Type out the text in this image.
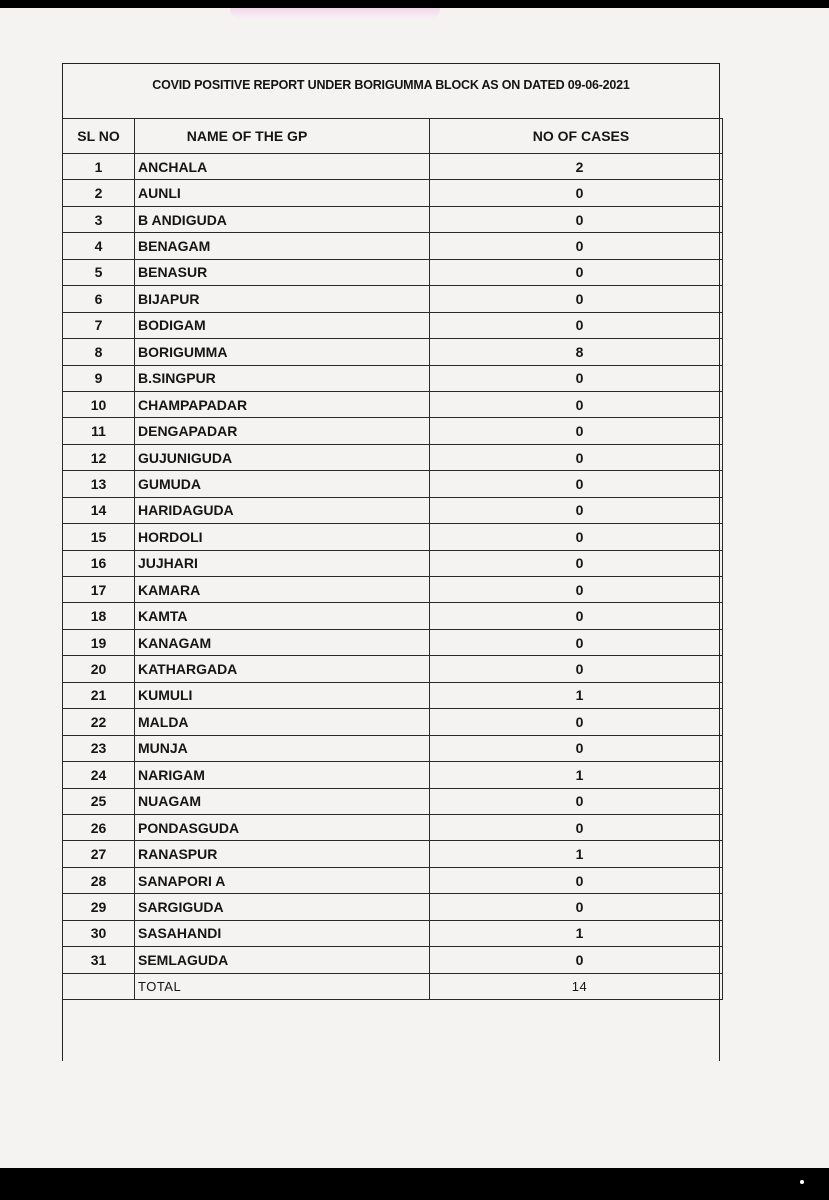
COVID POSITIVE REPORT UNDER BORIGUMMA BLOCK AS ON DATED 09-06-2021
SL NO	NAME OF THE GP	NO OF CASES
1	ANCHALA	2
2	AUNLI	0
3	B ANDIGUDA	0
4	BENAGAM	0
5	BENASUR	0
6	BIJAPUR	0
7	BODIGAM	0
8	BORIGUMMA	8
9	B.SINGPUR	0
10	CHAMPAPADAR	0
11	DENGAPADAR	0
12	GUJUNIGUDA	0
13	GUMUDA	0
14	HARIDAGUDA	0
15	HORDOLI	0
16	JUJHARI	0
17	KAMARA	0
18	KAMTA	0
19	KANAGAM	0
20	KATHARGADA	0
21	KUMULI	1
22	MALDA	0
23	MUNJA	0
24	NARIGAM	1
25	NUAGAM	0
26	PONDASGUDA	0
27	RANASPUR	1
28	SANAPORI A	0
29	SARGIGUDA	0
30	SASAHANDI	1
31	SEMLAGUDA	0
	TOTAL	14
